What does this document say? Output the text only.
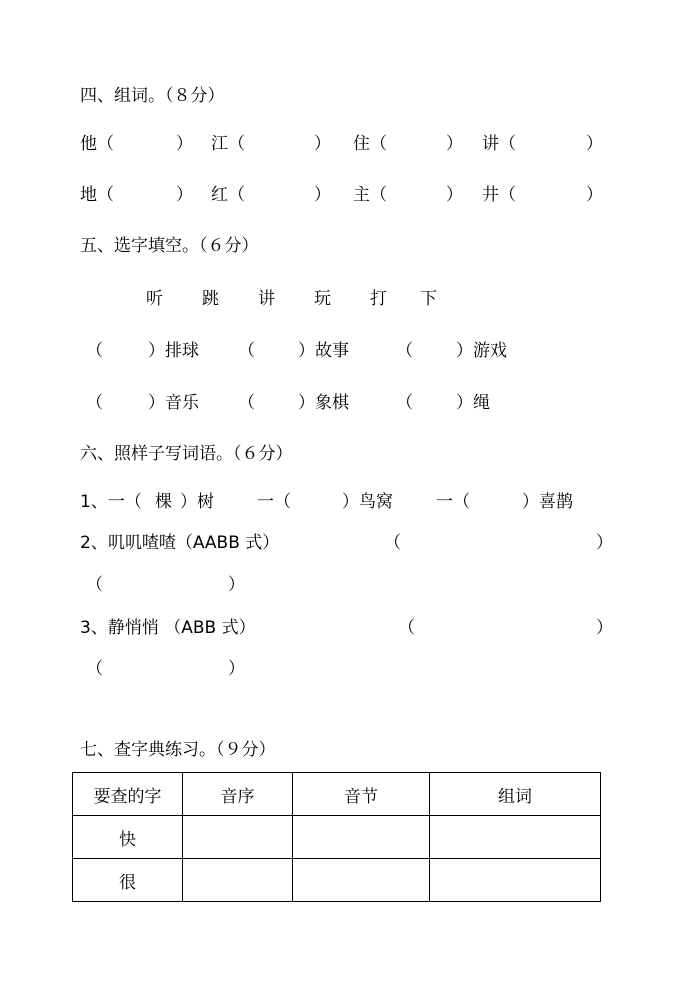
四、组词。（８分）
他（	） 江（	） 住（	） 讲（	）
地（	） 红（	） 主（	） 井（	）
五、选字填空。（６分）
听 跳 讲 玩 打 下
（	）排球 （	）故事	（	）游戏
（	）音乐 （	）象棋	（	）绳
六、照样子写词语。（６分）
1、一（ 棵 ）树	一（	）鸟窝	一（	）喜鹊
2、叽叽喳喳（AABB 式）	（	）
（	）
3、静悄悄 （ABB 式）	（	）
（	）
七、查字典练习。（９分）
要查的字	音序	音节	组词
快			
很			
